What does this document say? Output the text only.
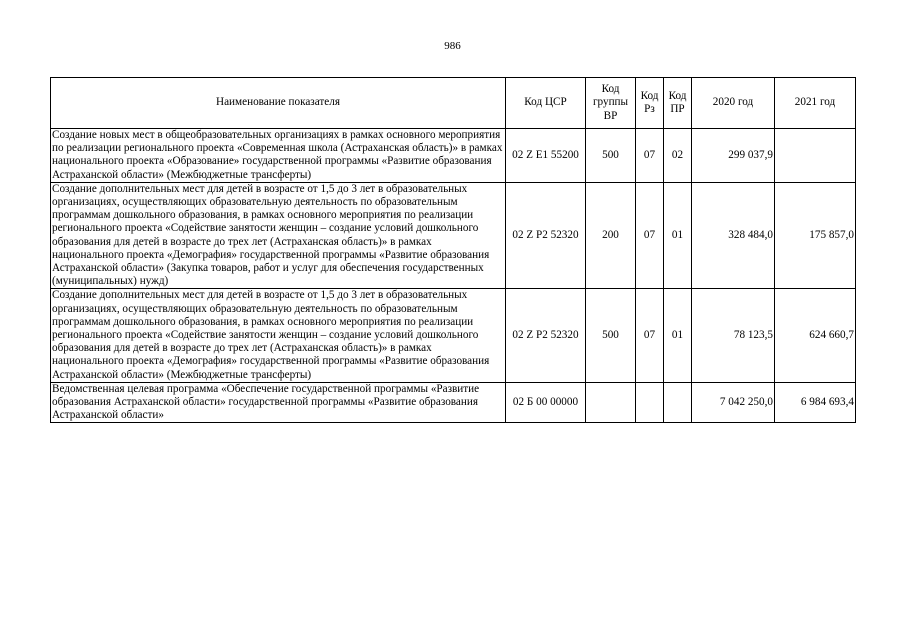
986
Наименование показателя	Код ЦСР	Код группы ВР	Код Рз	Код ПР	2020 год	2021 год
Создание новых мест в общеобразовательных организациях в рамках основного мероприятия по реализации регионального проекта «Современная школа (Астраханская область)» в рамках национального проекта «Образование» государственной программы «Развитие образования Астраханской области» (Межбюджетные трансферты)	02 Z E1 55200	500	07	02	299 037,9	
Создание дополнительных мест для детей в возрасте от 1,5 до 3 лет в образовательных организациях, осуществляющих образовательную деятельность по образовательным программам дошкольного образования, в рамках основного мероприятия по реализации регионального проекта «Содействие занятости женщин – создание условий дошкольного образования для детей в возрасте до трех лет (Астраханская область)» в рамках национального проекта «Демография» государственной программы «Развитие образования Астраханской области» (Закупка товаров, работ и услуг для обеспечения государственных (муниципальных) нужд)	02 Z P2 52320	200	07	01	328 484,0	175 857,0
Создание дополнительных мест для детей в возрасте от 1,5 до 3 лет в образовательных организациях, осуществляющих образовательную деятельность по образовательным программам дошкольного образования, в рамках основного мероприятия по реализации регионального проекта «Содействие занятости женщин – создание условий дошкольного образования для детей в возрасте до трех лет (Астраханская область)» в рамках национального проекта «Демография» государственной программы «Развитие образования Астраханской области» (Межбюджетные трансферты)	02 Z P2 52320	500	07	01	78 123,5	624 660,7
Ведомственная целевая программа «Обеспечение государственной программы «Развитие образования Астраханской области» государственной программы «Развитие образования Астраханской области»	02 Б 00 00000				7 042 250,0	6 984 693,4
